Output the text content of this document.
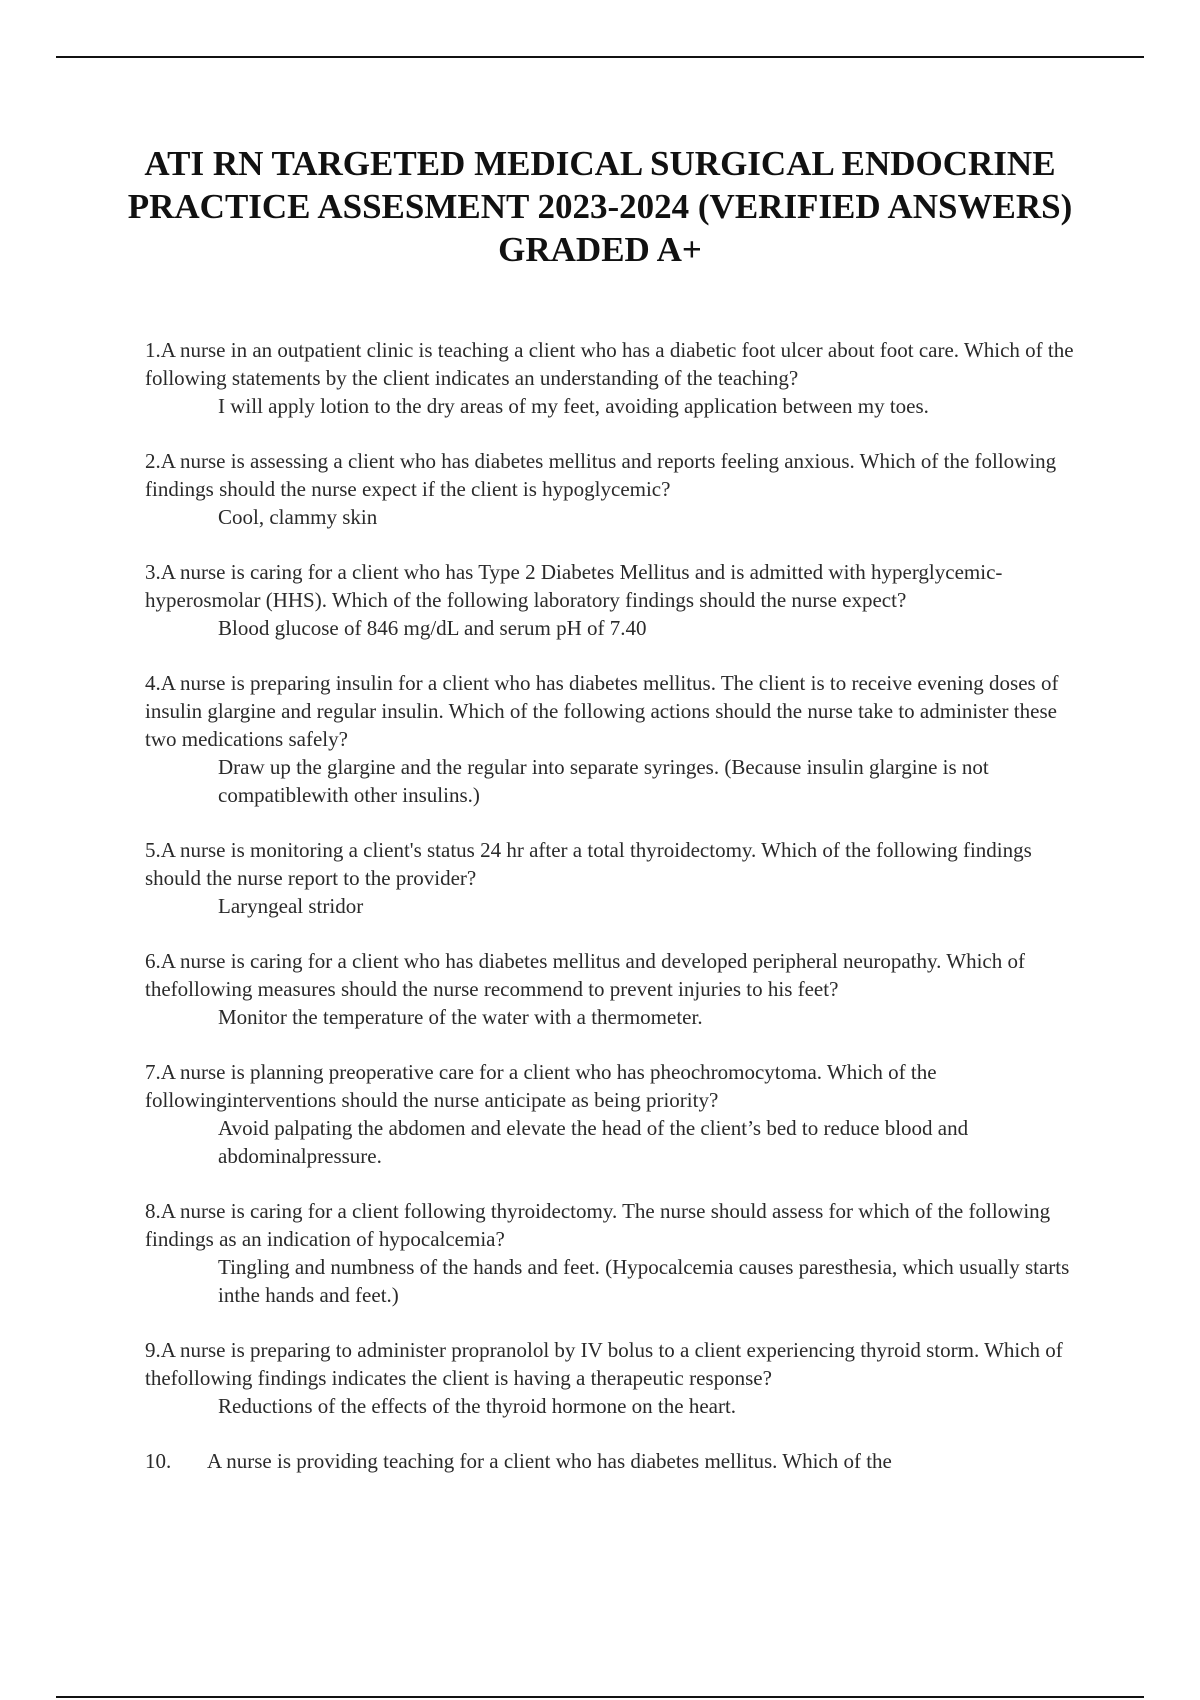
ATI RN TARGETED MEDICAL SURGICAL ENDOCRINE PRACTICE ASSESMENT 2023-2024 (VERIFIED ANSWERS) GRADED A+

1.A nurse in an outpatient clinic is teaching a client who has a diabetic foot ulcer about foot care. Which of the following statements by the client indicates an understanding of the teaching?

I will apply lotion to the dry areas of my feet, avoiding application between my toes.

2.A nurse is assessing a client who has diabetes mellitus and reports feeling anxious. Which of the following findings should the nurse expect if the client is hypoglycemic?

Cool, clammy skin

3.A nurse is caring for a client who has Type 2 Diabetes Mellitus and is admitted with hyperglycemic-hyperosmolar (HHS). Which of the following laboratory findings should the nurse expect?

Blood glucose of 846 mg/dL and serum pH of 7.40

4.A nurse is preparing insulin for a client who has diabetes mellitus. The client is to receive evening doses of insulin glargine and regular insulin. Which of the following actions should the nurse take to administer these two medications safely?

Draw up the glargine and the regular into separate syringes. (Because insulin glargine is not compatiblewith other insulins.)

5.A nurse is monitoring a client's status 24 hr after a total thyroidectomy. Which of the following findings should the nurse report to the provider?

Laryngeal stridor

6.A nurse is caring for a client who has diabetes mellitus and developed peripheral neuropathy. Which of thefollowing measures should the nurse recommend to prevent injuries to his feet?

Monitor the temperature of the water with a thermometer.

7.A nurse is planning preoperative care for a client who has pheochromocytoma. Which of the followinginterventions should the nurse anticipate as being priority?

Avoid palpating the abdomen and elevate the head of the client’s bed to reduce blood and abdominalpressure.

8.A nurse is caring for a client following thyroidectomy. The nurse should assess for which of the following findings as an indication of hypocalcemia?

Tingling and numbness of the hands and feet. (Hypocalcemia causes paresthesia, which usually starts inthe hands and feet.)

9.A nurse is preparing to administer propranolol by IV bolus to a client experiencing thyroid storm. Which of thefollowing findings indicates the client is having a therapeutic response?

Reductions of the effects of the thyroid hormone on the heart.

10.	A nurse is providing teaching for a client who has diabetes mellitus. Which of the
